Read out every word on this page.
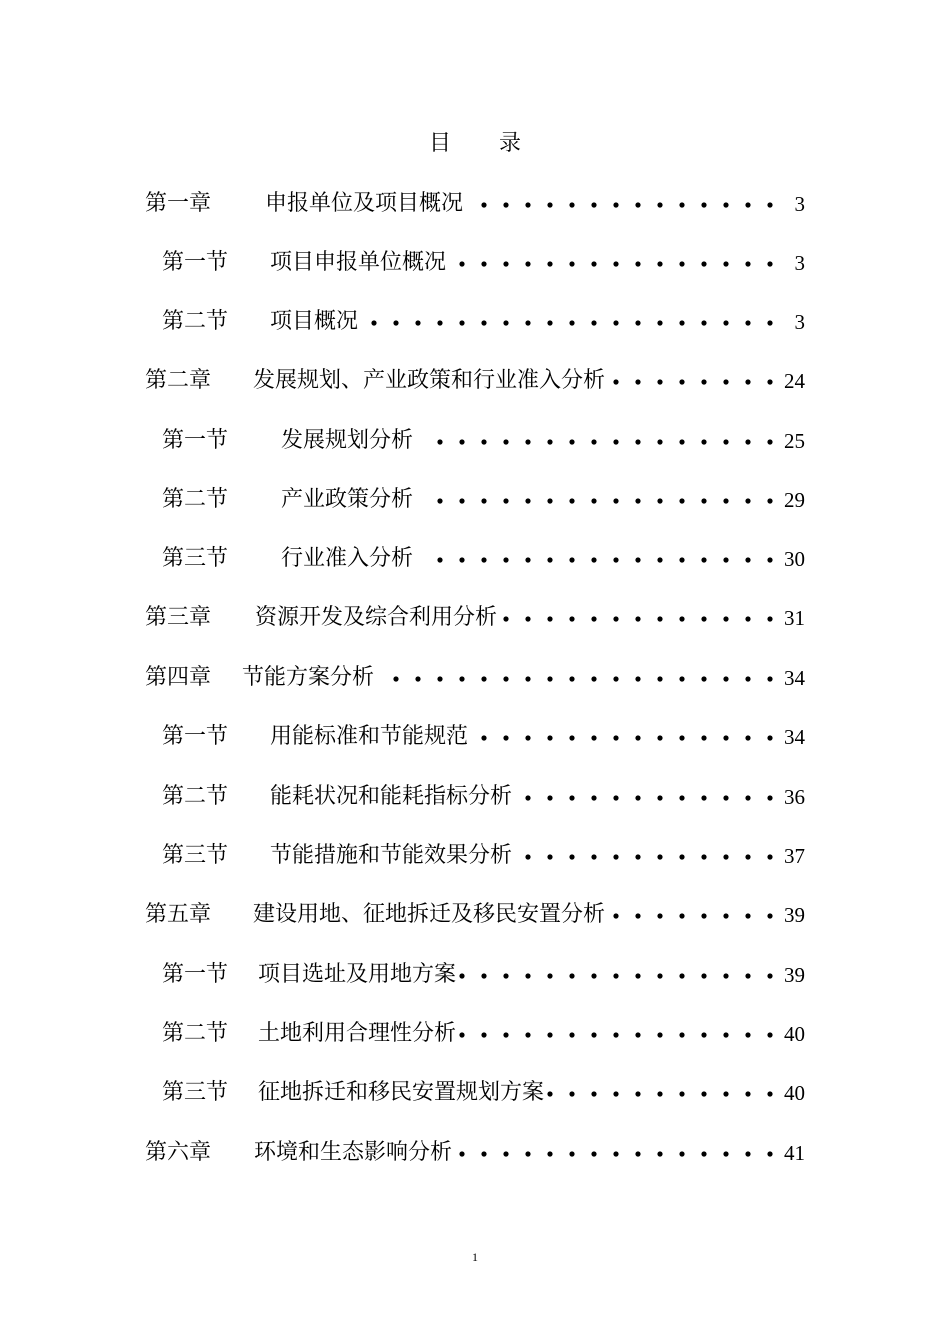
目 录
第一章 申报单位及项目概况	3
第一节 项目申报单位概况	3
第二节 项目概况	3
第二章 发展规划、产业政策和行业准入分析	24
第一节 发展规划分析	25
第二节 产业政策分析	29
第三节 行业准入分析	30
第三章 资源开发及综合利用分析	31
第四章 节能方案分析	34
第一节 用能标准和节能规范	34
第二节 能耗状况和能耗指标分析	36
第三节 节能措施和节能效果分析	37
第五章 建设用地、征地拆迁及移民安置分析	39
第一节 项目选址及用地方案	39
第二节 土地利用合理性分析	40
第三节 征地拆迁和移民安置规划方案	40
第六章 环境和生态影响分析	41
1
